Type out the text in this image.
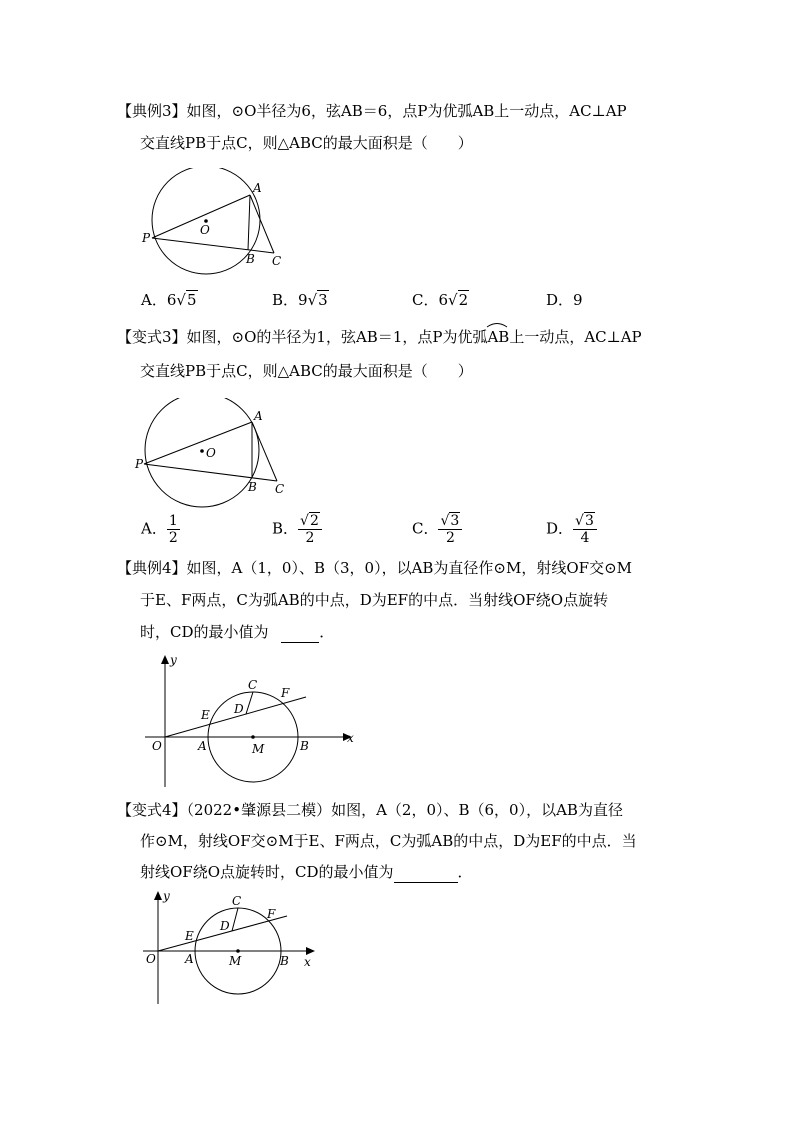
【典例3】如图，⊙O半径为6，弦AB＝6，点P为优弧AB上一动点，AC⊥AP
交直线PB于点C，则△ABC的最大面积是（　　）
A
P
O
B C
A．6√5	B．9√3	C．6√2	D．9
【变式3】如图，⊙O的半径为1，弦AB＝1，点P为优弧
AB上一动点，AC⊥AP
交直线PB于点C，则△ABC的最大面积是（　　）
A
P
O
B C
A． $\frac{1}{2}$	B． $\frac{√2}{2}$	C． $\frac{√3}{2}$	D． $\frac{√3}{4}$
【典例4】如图，A（1，0）、B（3，0），以AB为直径作⊙M，射线OF交⊙M
于E、F两点，C为弧AB的中点，D为EF的中点．当射线OF绕O点旋转
时，CD的最小值为	．
y
x
O	A	M	B
E D
C
F
【变式4】（2022•肇源县二模）如图，A（2，0）、B（6，0），以AB为直径
作⊙M，射线OF交⊙M于E、F两点，C为弧AB的中点，D为EF的中点．当
射线OF绕O点旋转时，CD的最小值为	．
y
x
O A	M	B
E
D
C
F
